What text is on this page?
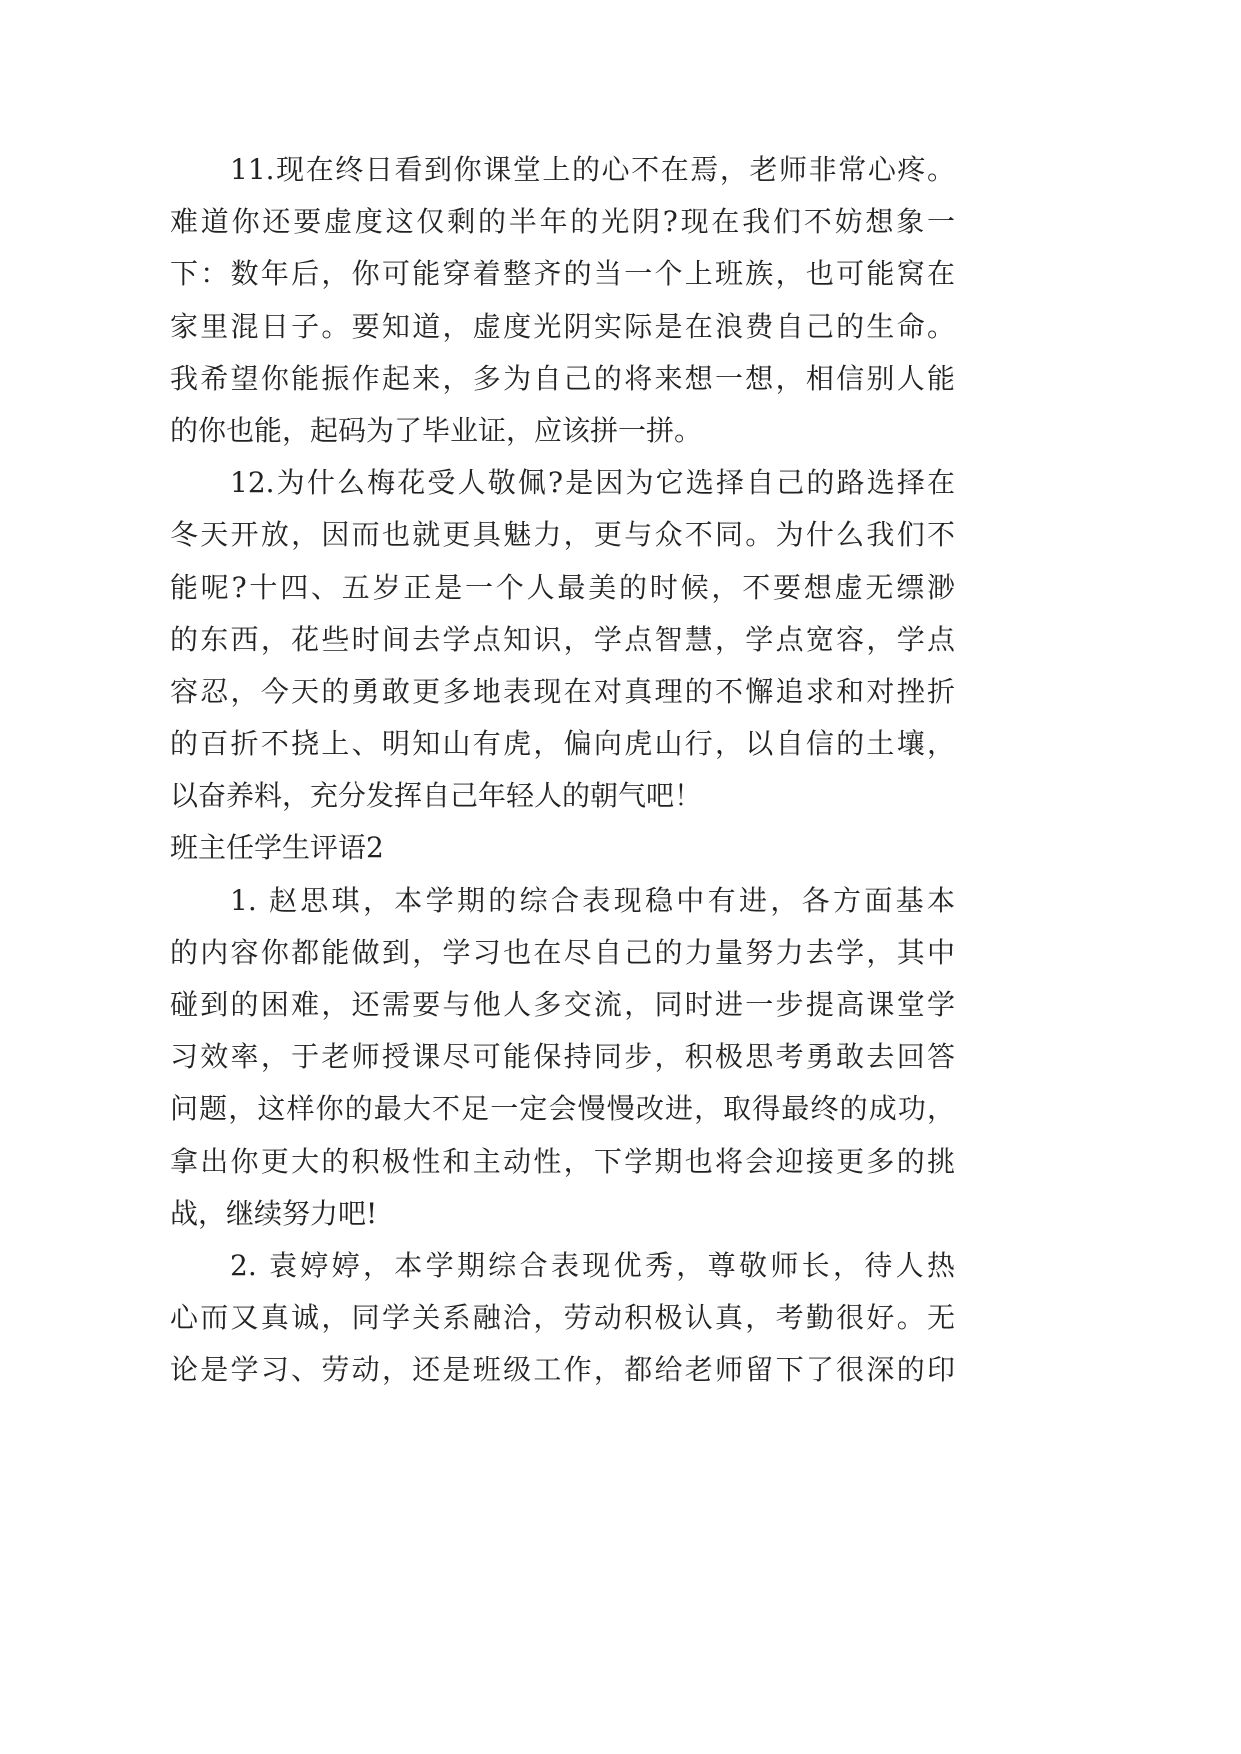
11.现在终日看到你课堂上的心不在焉，老师非常心疼。
难道你还要虚度这仅剩的半年的光阴?现在我们不妨想象一
下：数年后，你可能穿着整齐的当一个上班族，也可能窝在
家里混日子。要知道，虚度光阴实际是在浪费自己的生命。
我希望你能振作起来，多为自己的将来想一想，相信别人能
的你也能，起码为了毕业证，应该拼一拼。
12.为什么梅花受人敬佩?是因为它选择自己的路选择在
冬天开放，因而也就更具魅力，更与众不同。为什么我们不
能呢?十四、五岁正是一个人最美的时候，不要想虚无缥渺
的东西，花些时间去学点知识，学点智慧，学点宽容，学点
容忍，今天的勇敢更多地表现在对真理的不懈追求和对挫折
的百折不挠上、明知山有虎，偏向虎山行，以自信的土壤，
以奋养料，充分发挥自己年轻人的朝气吧！
班主任学生评语2
1. 赵思琪，本学期的综合表现稳中有进，各方面基本
的内容你都能做到，学习也在尽自己的力量努力去学，其中
碰到的困难，还需要与他人多交流，同时进一步提高课堂学
习效率，于老师授课尽可能保持同步，积极思考勇敢去回答
问题，这样你的最大不足一定会慢慢改进，取得最终的成功，
拿出你更大的积极性和主动性，下学期也将会迎接更多的挑
战，继续努力吧!
2. 袁婷婷，本学期综合表现优秀，尊敬师长，待人热
心而又真诚，同学关系融洽，劳动积极认真，考勤很好。无
论是学习、劳动，还是班级工作，都给老师留下了很深的印
